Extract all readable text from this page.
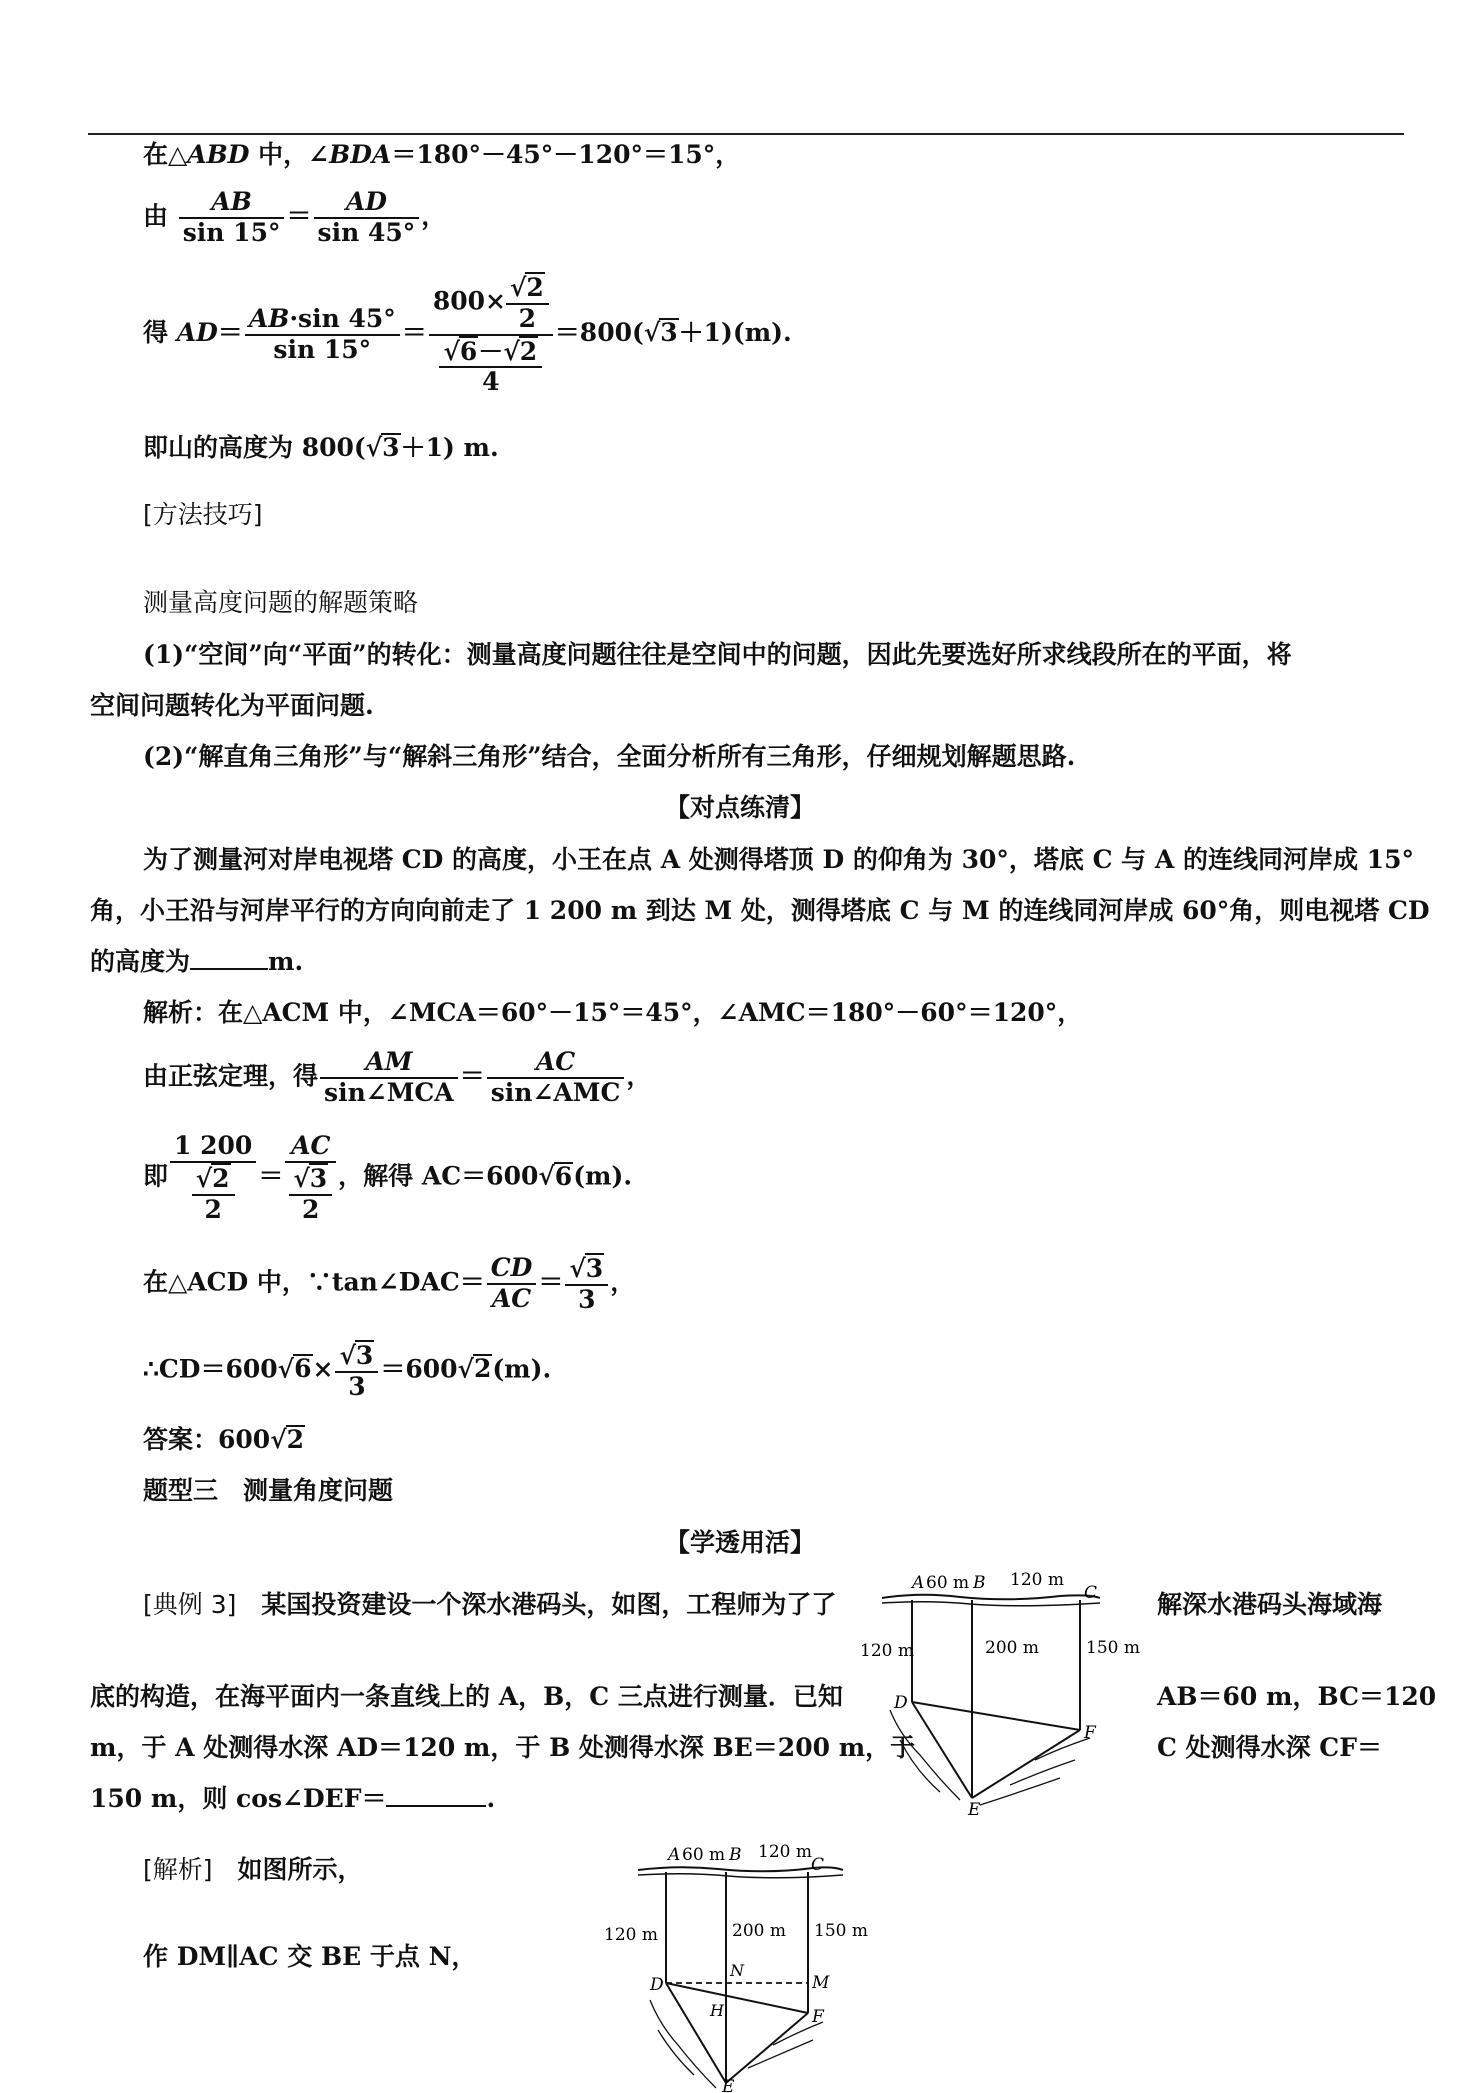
在△ABD 中，∠BDA＝180°－45°－120°＝15°，
由 $\frac{AB}{\sin 15^\circ} = \frac{AD}{\sin 45^\circ}$ ，
得 $AD= \frac{AB\cdot\sin 45^\circ}{\sin 15^\circ} = \frac{800\times \frac{√2}{2}}{\frac{√6-√2}{4}} =800(√3+1)(m)$.
即山的高度为 800(√3＋1) m.
[方法技巧]
测量高度问题的解题策略
(1)“空间”向“平面”的转化：测量高度问题往往是空间中的问题，因此先要选好所求线段所在的平面，将
空间问题转化为平面问题.
(2)“解直角三角形”与“解斜三角形”结合，全面分析所有三角形，仔细规划解题思路.
【对点练清】
为了测量河对岸电视塔 CD 的高度，小王在点 A 处测得塔顶 D 的仰角为 30°，塔底 C 与 A 的连线同河岸成 15°
角，小王沿与河岸平行的方向向前走了 1 200 m 到达 M 处，测得塔底 C 与 M 的连线同河岸成 60°角，则电视塔 CD
的高度为	m.
解析：在△ACM 中，∠MCA＝60°－15°＝45°，∠AMC＝180°－60°＝120°，
由正弦定理，得 $\frac{AM}{\text{sin∠MCA}} = \frac{AC}{\text{sin∠AMC}}$ ，
即 $\frac{1 200}{\frac{√2}{2}} = \frac{AC}{\frac{√3}{2}}$ ，解得 AC＝600√6(m).
在△ACD 中，∵tan∠DAC＝ $\frac{CD}{AC} = \frac{√3}{3}$ ，
∴CD＝600√6× $\frac{√3}{3} =600√2(m)$.
答案：600√2
题型三　测量角度问题
【学透用活】
[典例 3]　 某国投资建设一个深水港码头，如图，工程师为了了	解深水港码头海域海
底的构造，在海平面内一条直线上的 A，B，C 三点进行测量．已知	AB＝60 m，BC＝120
m，于 A 处测得水深 AD＝120 m，于 B 处测得水深 BE＝200 m，于	C 处测得水深 CF＝
150 m，则 cos∠DEF＝	.
A 60 m B 120 m
C
120 m	200 m	150 m
D
F
E
[解析]　 如图所示，
作 DM∥AC 交 BE 于点 N，
A 60 m B 120 m
C
120 m	200 m 150 m
N
D	M
H	F
E
